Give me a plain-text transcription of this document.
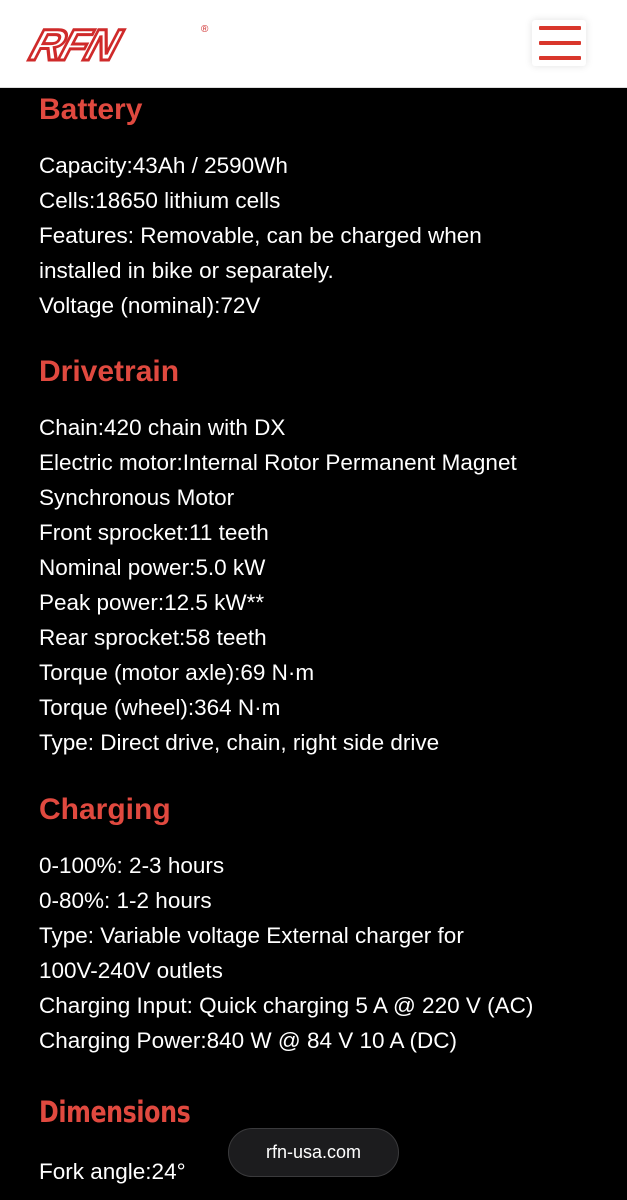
RFN	®
Battery
Capacity:43Ah / 2590Wh
Cells:18650 lithium cells
Features: Removable, can be charged when
installed in bike or separately.
Voltage (nominal):72V
Drivetrain
Chain:420 chain with DX
Electric motor:Internal Rotor Permanent Magnet
Synchronous Motor
Front sprocket:11 teeth
Nominal power:5.0 kW
Peak power:12.5 kW**
Rear sprocket:58 teeth
Torque (motor axle):69 N·m
Torque (wheel):364 N·m
Type: Direct drive, chain, right side drive
Charging
0-100%: 2-3 hours
0-80%: 1-2 hours
Type: Variable voltage External charger for
100V-240V outlets
Charging Input: Quick charging 5 A @ 220 V (AC)
Charging Power:840 W @ 84 V 10 A (DC)
Dimensions
Fork angle:24°
rfn-usa.com
